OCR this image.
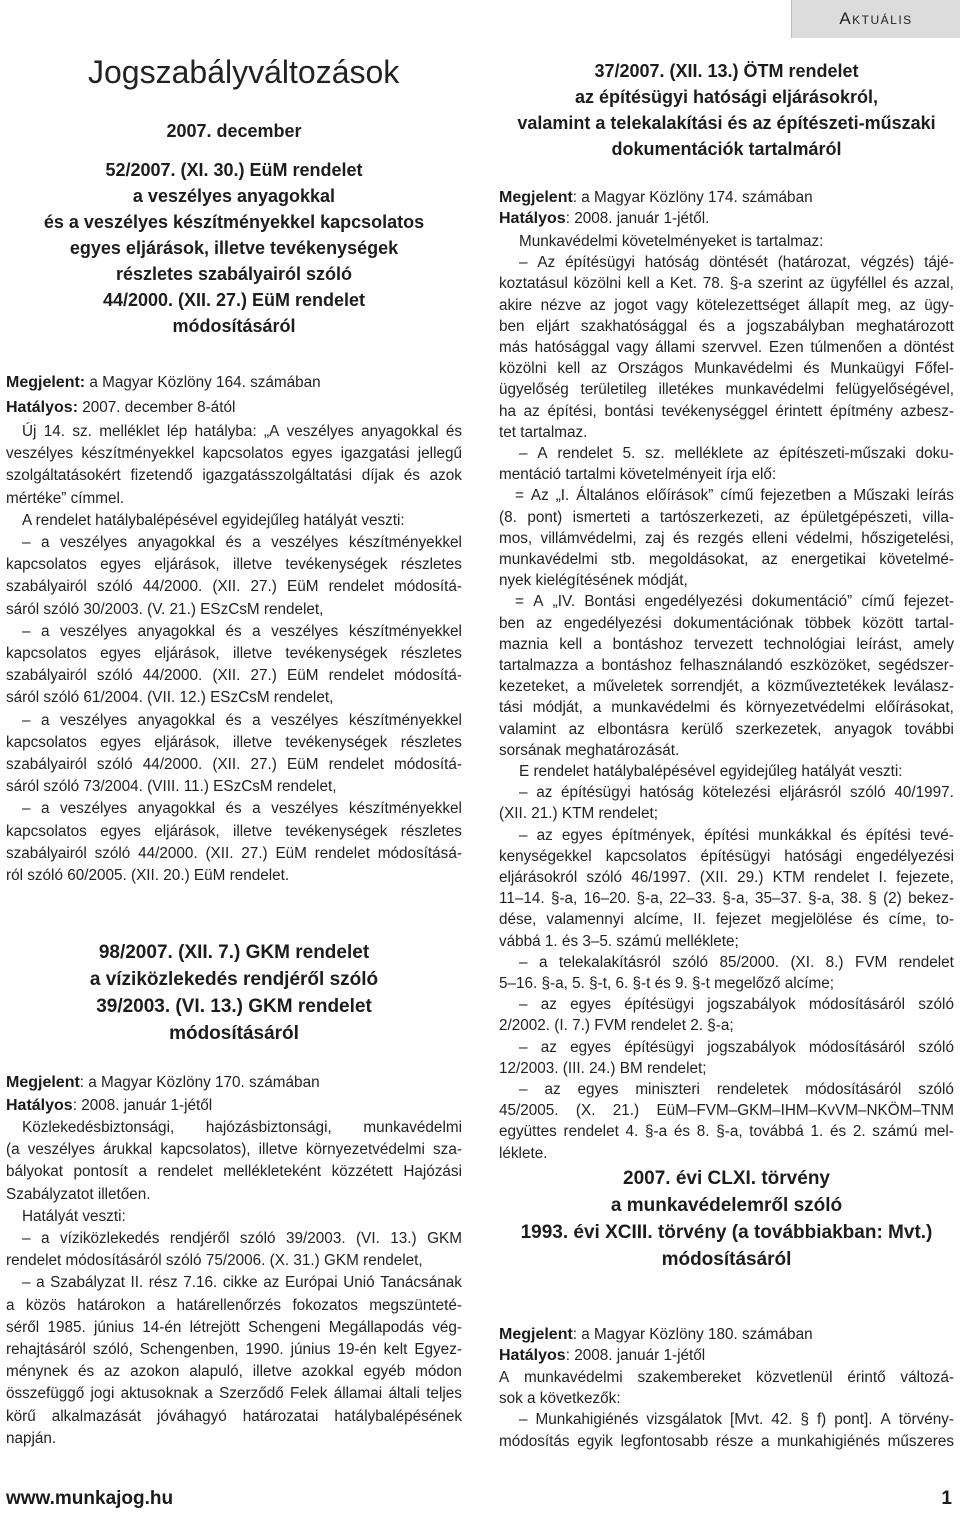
Aktuális
Jogszabályváltozások
2007. december
52/2007. (XI. 30.) EüM rendelet
a veszélyes anyagokkal
és a veszélyes készítményekkel kapcsolatos
egyes eljárások, illetve tevékenységek
részletes szabályairól szóló
44/2000. (XII. 27.) EüM rendelet
módosításáról
Megjelent: a Magyar Közlöny 164. számában
Hatályos: 2007. december 8-ától
Új 14. sz. melléklet lép hatályba: „A veszélyes anyagokkal és
veszélyes készítményekkel kapcsolatos egyes igazgatási jellegű
szolgáltatásokért fizetendő igazgatásszolgáltatási díjak és azok
mértéke” címmel.
A rendelet hatálybalépésével egyidejűleg hatályát veszti:
– a veszélyes anyagokkal és a veszélyes készítményekkel
kapcsolatos egyes eljárások, illetve tevékenységek részletes
szabályairól szóló 44/2000. (XII. 27.) EüM rendelet módosítá-
sáról szóló 30/2003. (V. 21.) ESzCsM rendelet,
– a veszélyes anyagokkal és a veszélyes készítményekkel
kapcsolatos egyes eljárások, illetve tevékenységek részletes
szabályairól szóló 44/2000. (XII. 27.) EüM rendelet módosítá-
sáról szóló 61/2004. (VII. 12.) ESzCsM rendelet,
– a veszélyes anyagokkal és a veszélyes készítményekkel
kapcsolatos egyes eljárások, illetve tevékenységek részletes
szabályairól szóló 44/2000. (XII. 27.) EüM rendelet módosítá-
sáról szóló 73/2004. (VIII. 11.) ESzCsM rendelet,
– a veszélyes anyagokkal és a veszélyes készítményekkel
kapcsolatos egyes eljárások, illetve tevékenységek részletes
szabályairól szóló 44/2000. (XII. 27.) EüM rendelet módosításá-
ról szóló 60/2005. (XII. 20.) EüM rendelet.
98/2007. (XII. 7.) GKM rendelet
a víziközlekedés rendjéről szóló
39/2003. (VI. 13.) GKM rendelet
módosításáról
Megjelent: a Magyar Közlöny 170. számában
Hatályos: 2008. január 1-jétől
Közlekedésbiztonsági, hajózásbiztonsági, munkavédelmi
(a veszélyes árukkal kapcsolatos), illetve környezetvédelmi sza-
bályokat pontosít a rendelet mellékleteként közzétett Hajózási
Szabályzatot illetően.
Hatályát veszti:
– a víziközlekedés rendjéről szóló 39/2003. (VI. 13.) GKM
rendelet módosításáról szóló 75/2006. (X. 31.) GKM rendelet,
– a Szabályzat II. rész 7.16. cikke az Európai Unió Tanácsának
a közös határokon a határellenőrzés fokozatos megszünteté-
séről 1985. június 14-én létrejött Schengeni Megállapodás vég-
rehajtásáról szóló, Schengenben, 1990. június 19-én kelt Egyez-
ménynek és az azokon alapuló, illetve azokkal egyéb módon
összefüggő jogi aktusoknak a Szerződő Felek államai általi teljes
körű alkalmazását jóváhagyó határozatai hatálybalépésének
napján.
37/2007. (XII. 13.) ÖTM rendelet
az építésügyi hatósági eljárásokról,
valamint a telekalakítási és az építészeti-műszaki
dokumentációk tartalmáról
Megjelent: a Magyar Közlöny 174. számában
Hatályos: 2008. január 1-jétől.
Munkavédelmi követelményeket is tartalmaz:
– Az építésügyi hatóság döntését (határozat, végzés) tájé-
koztatásul közölni kell a Ket. 78. §-a szerint az ügyféllel és azzal,
akire nézve az jogot vagy kötelezettséget állapít meg, az ügy-
ben eljárt szakhatósággal és a jogszabályban meghatározott
más hatósággal vagy állami szervvel. Ezen túlmenően a döntést
közölni kell az Országos Munkavédelmi és Munkaügyi Főfel-
ügyelőség területileg illetékes munkavédelmi felügyelőségével,
ha az építési, bontási tevékenységgel érintett építmény azbesz-
tet tartalmaz.
– A rendelet 5. sz. melléklete az építészeti-műszaki doku-
mentáció tartalmi követelményeit írja elő:
= Az „I. Általános előírások” című fejezetben a Műszaki leírás
(8. pont) ismerteti a tartószerkezeti, az épületgépészeti, villa-
mos, villámvédelmi, zaj és rezgés elleni védelmi, hőszigetelési,
munkavédelmi stb. megoldásokat, az energetikai követelmé-
nyek kielégítésének módját,
= A „IV. Bontási engedélyezési dokumentáció” című fejezet-
ben az engedélyezési dokumentációnak többek között tartal-
maznia kell a bontáshoz tervezett technológiai leírást, amely
tartalmazza a bontáshoz felhasználandó eszközöket, segédszer-
kezeteket, a műveletek sorrendjét, a közműveztetékek leválasz-
tási módját, a munkavédelmi és környezetvédelmi előírásokat,
valamint az elbontásra kerülő szerkezetek, anyagok további
sorsának meghatározását.
E rendelet hatálybalépésével egyidejűleg hatályát veszti:
– az építésügyi hatóság kötelezési eljárásról szóló 40/1997.
(XII. 21.) KTM rendelet;
– az egyes építmények, építési munkákkal és építési tevé-
kenységekkel kapcsolatos építésügyi hatósági engedélyezési
eljárásokról szóló 46/1997. (XII. 29.) KTM rendelet I. fejezete,
11–14. §-a, 16–20. §-a, 22–33. §-a, 35–37. §-a, 38. § (2) bekez-
dése, valamennyi alcíme, II. fejezet megjelölése és címe, to-
vábbá 1. és 3–5. számú melléklete;
– a telekalakításról szóló 85/2000. (XI. 8.) FVM rendelet
5–16. §-a, 5. §-t, 6. §-t és 9. §-t megelőző alcíme;
– az egyes építésügyi jogszabályok módosításáról szóló
2/2002. (I. 7.) FVM rendelet 2. §-a;
– az egyes építésügyi jogszabályok módosításáról szóló
12/2003. (III. 24.) BM rendelet;
– az egyes miniszteri rendeletek módosításáról szóló
45/2005. (X. 21.) EüM–FVM–GKM–IHM–KvVM–NKÖM–TNM
együttes rendelet 4. §-a és 8. §-a, továbbá 1. és 2. számú mel-
léklete.
2007. évi CLXI. törvény
a munkavédelemről szóló
1993. évi XCIII. törvény (a továbbiakban: Mvt.)
módosításáról
Megjelent: a Magyar Közlöny 180. számában
Hatályos: 2008. január 1-jétől
A munkavédelmi szakembereket közvetlenül érintő változá-
sok a következők:
– Munkahigiénés vizsgálatok [Mvt. 42. § f) pont]. A törvény-
módosítás egyik legfontosabb része a munkahigiénés műszeres
www.munkajog.hu	1
